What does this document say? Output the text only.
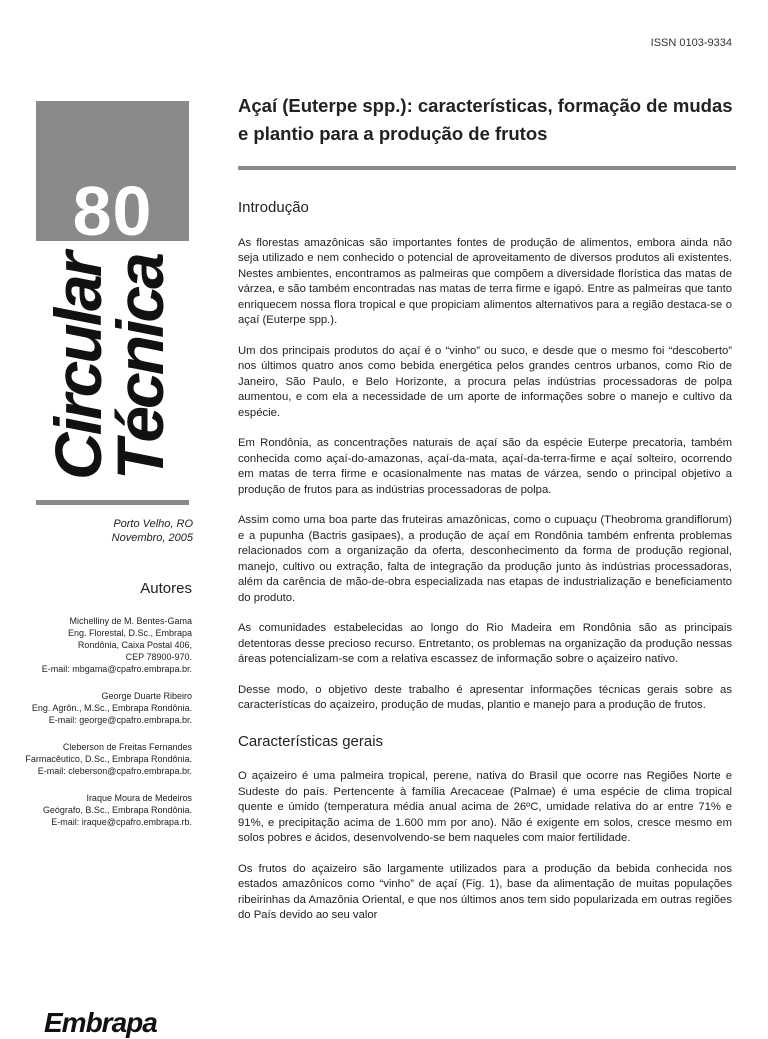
ISSN 0103-9334
80
Circular
Técnica
Porto Velho, RO
Novembro, 2005
Autores
Michelliny de M. Bentes-Gama
Eng. Florestal, D.Sc., Embrapa
Rondônia, Caixa Postal 406,
CEP 78900-970.
E-mail: mbgama@cpafro.embrapa.br.
George Duarte Ribeiro
Eng. Agrôn., M.Sc., Embrapa Rondônia.
E-mail: george@cpafro.embrapa.br.
Cleberson de Freitas Fernandes
Farmacêutico, D.Sc., Embrapa Rondônia.
E-mail: cleberson@cpafro.embrapa.br.
Iraque Moura de Medeiros
Geógrafo, B.Sc., Embrapa Rondônia.
E-mail: iraque@cpafro.embrapa.rb.
Embrapa
Açaí (Euterpe spp.): características, formação de mudas e plantio para a produção de frutos
Introdução

As florestas amazônicas são importantes fontes de produção de alimentos, embora ainda não seja utilizado e nem conhecido o potencial de aproveitamento de diversos produtos ali existentes. Nestes ambientes, encontramos as palmeiras que compõem a diversidade florística das matas de várzea, e são também encontradas nas matas de terra firme e igapó. Entre as palmeiras que tanto enriquecem nossa flora tropical e que propiciam alimentos alternativos para a região destaca-se o açaí (Euterpe spp.).

Um dos principais produtos do açaí é o “vinho” ou suco, e desde que o mesmo foi “descoberto” nos últimos quatro anos como bebida energética pelos grandes centros urbanos, como Rio de Janeiro, São Paulo, e Belo Horizonte, a procura pelas indústrias processadoras de polpa aumentou, e com ela a necessidade de um aporte de informações sobre o manejo e cultivo da espécie.

Em Rondônia, as concentrações naturais de açaí são da espécie Euterpe precatoria, também conhecida como açaí-do-amazonas, açaí-da-mata, açaí-da-terra-firme e açaí solteiro, ocorrendo em matas de terra firme e ocasionalmente nas matas de várzea, sendo o principal objetivo a produção de frutos para as indústrias processadoras de polpa.

Assim como uma boa parte das fruteiras amazônicas, como o cupuaçu (Theobroma grandiflorum) e a pupunha (Bactris gasipaes), a produção de açaí em Rondônia também enfrenta problemas relacionados com a organização da oferta, desconhecimento da forma de produção regional, manejo, cultivo ou extração, falta de integração da produção junto às indústrias processadoras, além da carência de mão-de-obra especializada nas etapas de industrialização e beneficiamento do produto.

As comunidades estabelecidas ao longo do Rio Madeira em Rondônia são as principais detentoras desse precioso recurso. Entretanto, os problemas na organização da produção nessas áreas potencializam-se com a relativa escassez de informação sobre o açaizeiro nativo.

Desse modo, o objetivo deste trabalho é apresentar informações técnicas gerais sobre as características do açaizeiro, produção de mudas, plantio e manejo para a produção de frutos.

Características gerais

O açaizeiro é uma palmeira tropical, perene, nativa do Brasil que ocorre nas Regiões Norte e Sudeste do país. Pertencente à família Arecaceae (Palmae) é uma espécie de clima tropical quente e úmido (temperatura média anual acima de 26ºC, umidade relativa do ar entre 71% e 91%, e precipitação acima de 1.600 mm por ano). Não é exigente em solos, cresce mesmo em solos pobres e ácidos, desenvolvendo-se bem naqueles com maior fertilidade.

Os frutos do açaizeiro são largamente utilizados para a produção da bebida conhecida nos estados amazônicos como “vinho” de açaí (Fig. 1), base da alimentação de muitas populações ribeirinhas da Amazônia Oriental, e que nos últimos anos tem sido popularizada em outras regiões do País devido ao seu valor
